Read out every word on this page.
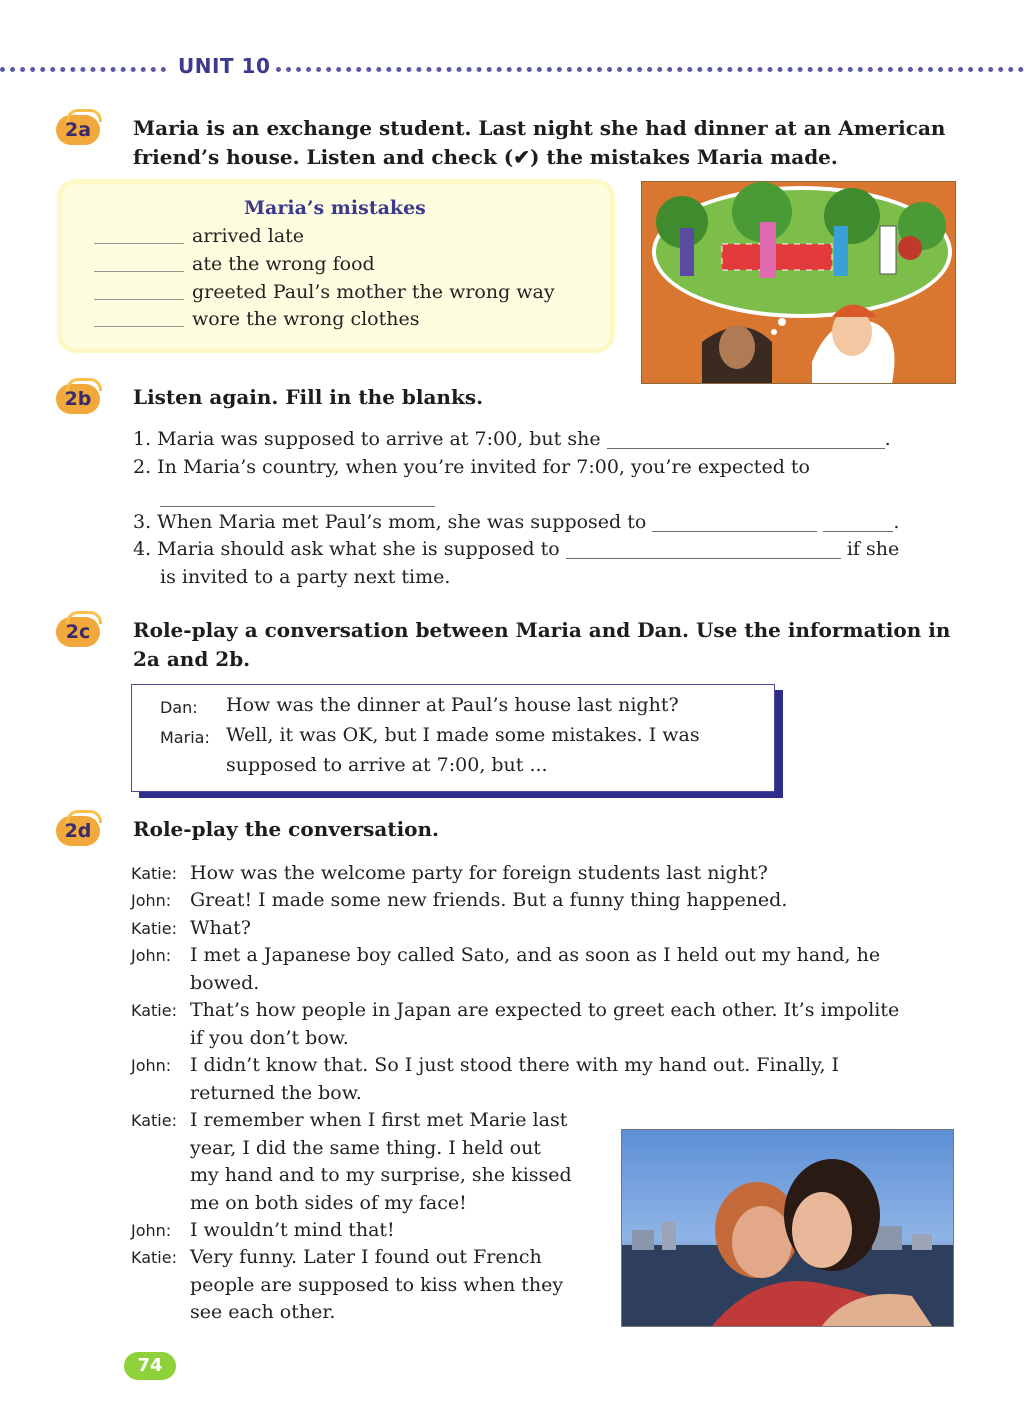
UNIT 10
2a	Maria is an exchange student. Last night she had dinner at an American
friend’s house. Listen and check (✔) the mistakes Maria made.
Maria’s mistakes
arrived late
ate the wrong food
greeted Paul’s mother the wrong way
wore the wrong clothes
2b	Listen again. Fill in the blanks.
1. Maria was supposed to arrive at 7:00, but she	.
2. In Maria’s country, when you’re invited for 7:00, you’re expected to
3. When Maria met Paul’s mom, she was supposed to	.
4. Maria should ask what she is supposed to	if she
is invited to a party next time.
2c	Role-play a conversation between Maria and Dan. Use the information in
2a and 2b.
Dan: How was the dinner at Paul’s house last night?
Maria: Well, it was OK, but I made some mistakes. I was
supposed to arrive at 7:00, but ...
2d	Role-play the conversation.
Katie: How was the welcome party for foreign students last night?
John: Great! I made some new friends. But a funny thing happened.
Katie: What?
John: I met a Japanese boy called Sato, and as soon as I held out my hand, he
bowed.
Katie: That’s how people in Japan are expected to greet each other. It’s impolite
if you don’t bow.
John: I didn’t know that. So I just stood there with my hand out. Finally, I
returned the bow.
Katie: I remember when I first met Marie last
year, I did the same thing. I held out
my hand and to my surprise, she kissed
me on both sides of my face!
John: I wouldn’t mind that!
Katie: Very funny. Later I found out French
people are supposed to kiss when they
see each other.
74
